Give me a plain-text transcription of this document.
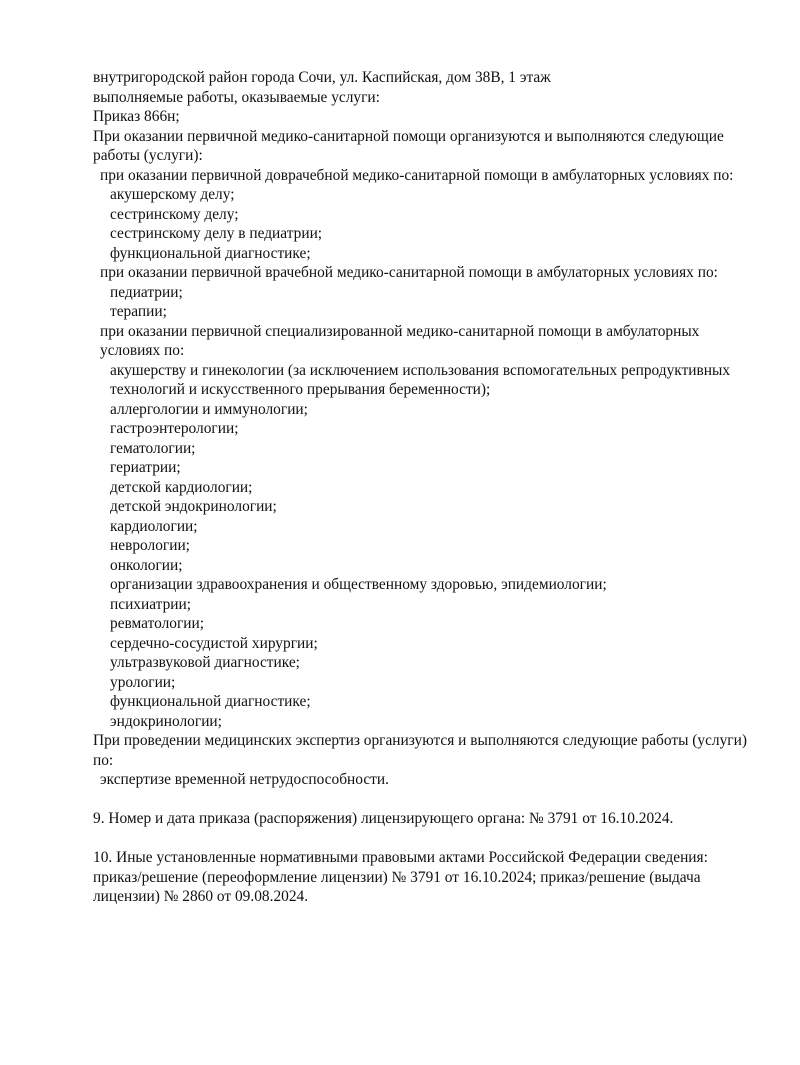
внутригородской район города Сочи, ул. Каспийская, дом 38В, 1 этаж

выполняемые работы, оказываемые услуги:

Приказ 866н;

При оказании первичной медико-санитарной помощи организуются и выполняются следующие работы (услуги):

при оказании первичной доврачебной медико-санитарной помощи в амбулаторных условиях по:

акушерскому делу;

сестринскому делу;

сестринскому делу в педиатрии;

функциональной диагностике;

при оказании первичной врачебной медико-санитарной помощи в амбулаторных условиях по:

педиатрии;

терапии;

при оказании первичной специализированной медико-санитарной помощи в амбулаторных условиях по:

акушерству и гинекологии (за исключением использования вспомогательных репродуктивных технологий и искусственного прерывания беременности);

аллергологии и иммунологии;

гастроэнтерологии;

гематологии;

гериатрии;

детской кардиологии;

детской эндокринологии;

кардиологии;

неврологии;

онкологии;

организации здравоохранения и общественному здоровью, эпидемиологии;

психиатрии;

ревматологии;

сердечно-сосудистой хирургии;

ультразвуковой диагностике;

урологии;

функциональной диагностике;

эндокринологии;

При проведении медицинских экспертиз организуются и выполняются следующие работы (услуги) по:

экспертизе временной нетрудоспособности.

9. Номер и дата приказа (распоряжения) лицензирующего органа: № 3791 от 16.10.2024.

10. Иные установленные нормативными правовыми актами Российской Федерации сведения:

приказ/решение (переоформление лицензии) № 3791 от 16.10.2024; приказ/решение (выдача

лицензии) № 2860 от 09.08.2024.
